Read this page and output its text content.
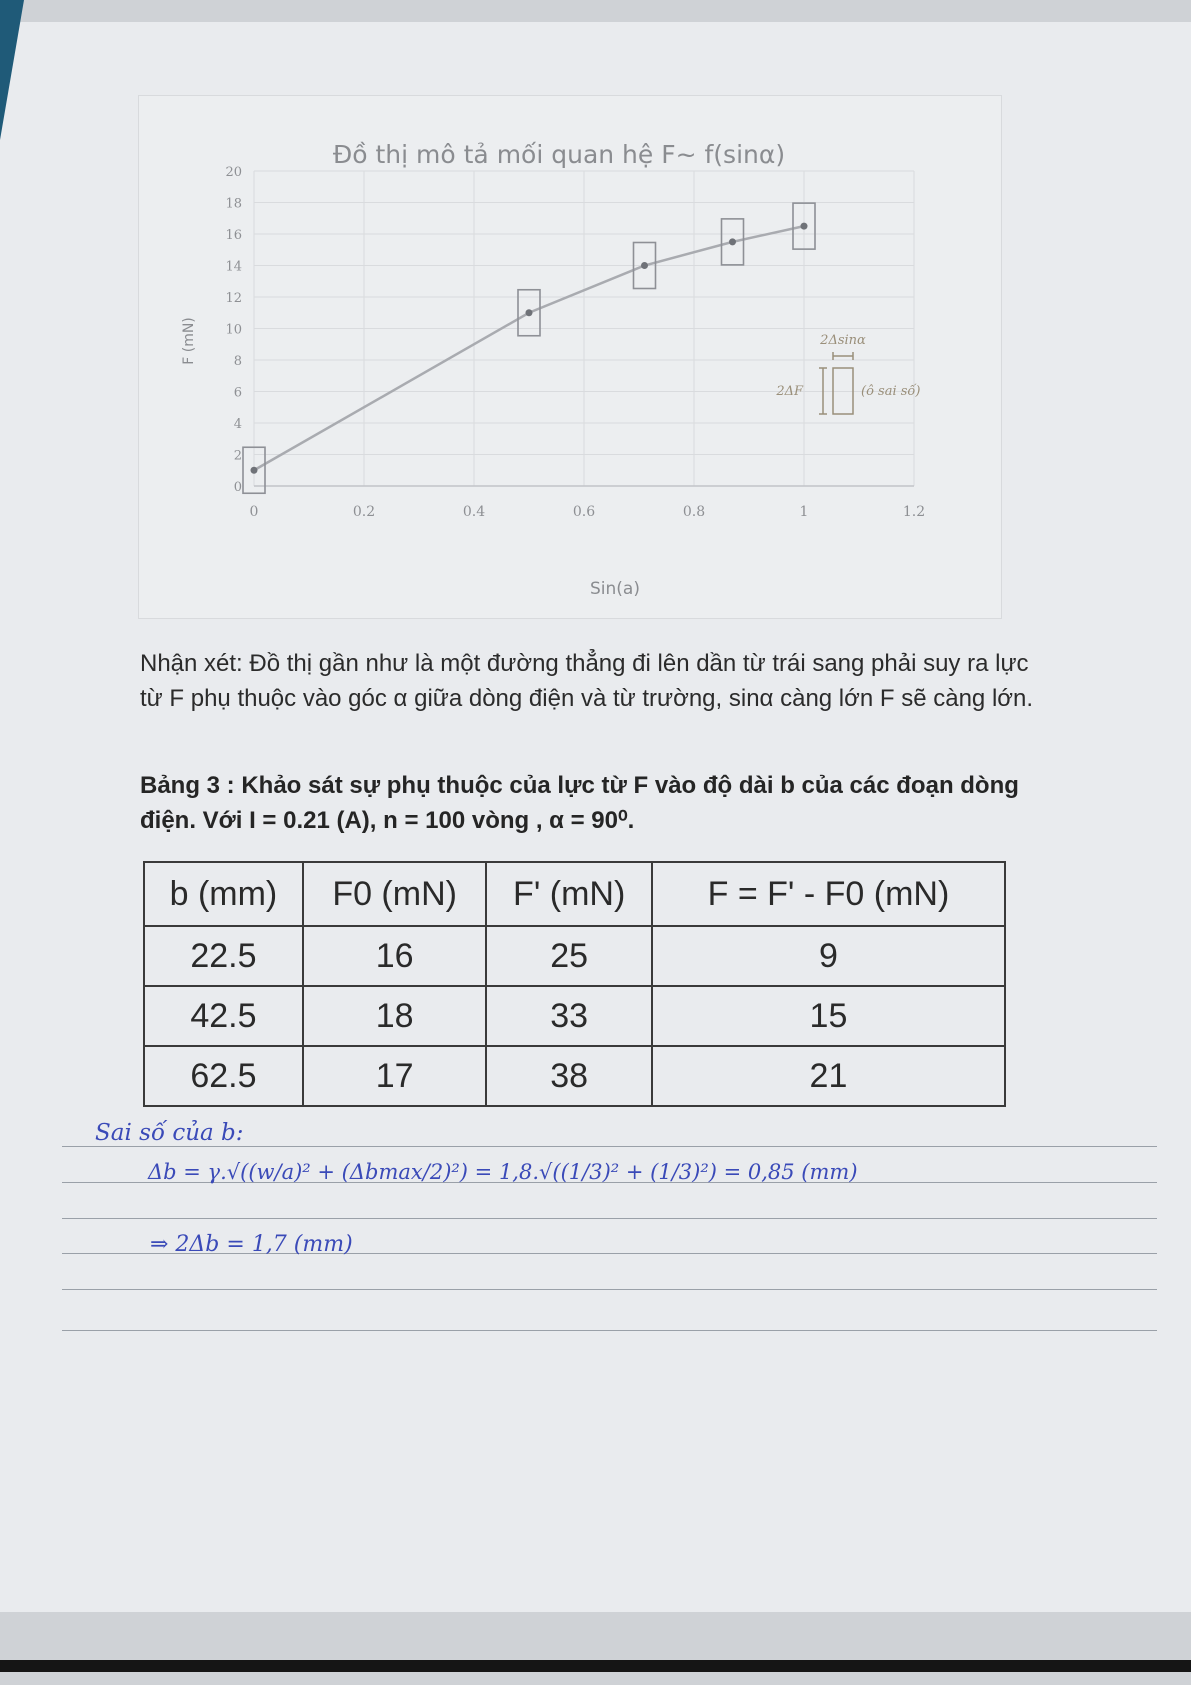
Đồ thị mô tả mối quan hệ F~ f(sinα)
0
2
4
6
8
10
12
14
16
18
20
0	0.2	0.4	0.6	0.8	1	1.2
Sin(a)
F (mN)	2Δsinα
2ΔF	(ô sai số)

Nhận xét: Đồ thị gần như là một đường thẳng đi lên dần từ trái sang phải suy ra lực từ F phụ thuộc vào góc α giữa dòng điện và từ trường, sinα càng lớn F sẽ càng lớn.

Bảng 3 : Khảo sát sự phụ thuộc của lực từ F vào độ dài b của các đoạn dòng điện. Với I = 0.21 (A), n = 100 vòng , α = 90⁰.

b (mm)	F0 (mN)	F' (mN)	F = F' - F0 (mN)
22.5	16	25	9
42.5	18	33	15
62.5	17	38	21
Sai số của b:
Δb = γ.√((w/a)² + (Δbmax/2)²) = 1,8.√((1/3)² + (1/3)²) = 0,85 (mm)
⇒ 2Δb = 1,7 (mm)
